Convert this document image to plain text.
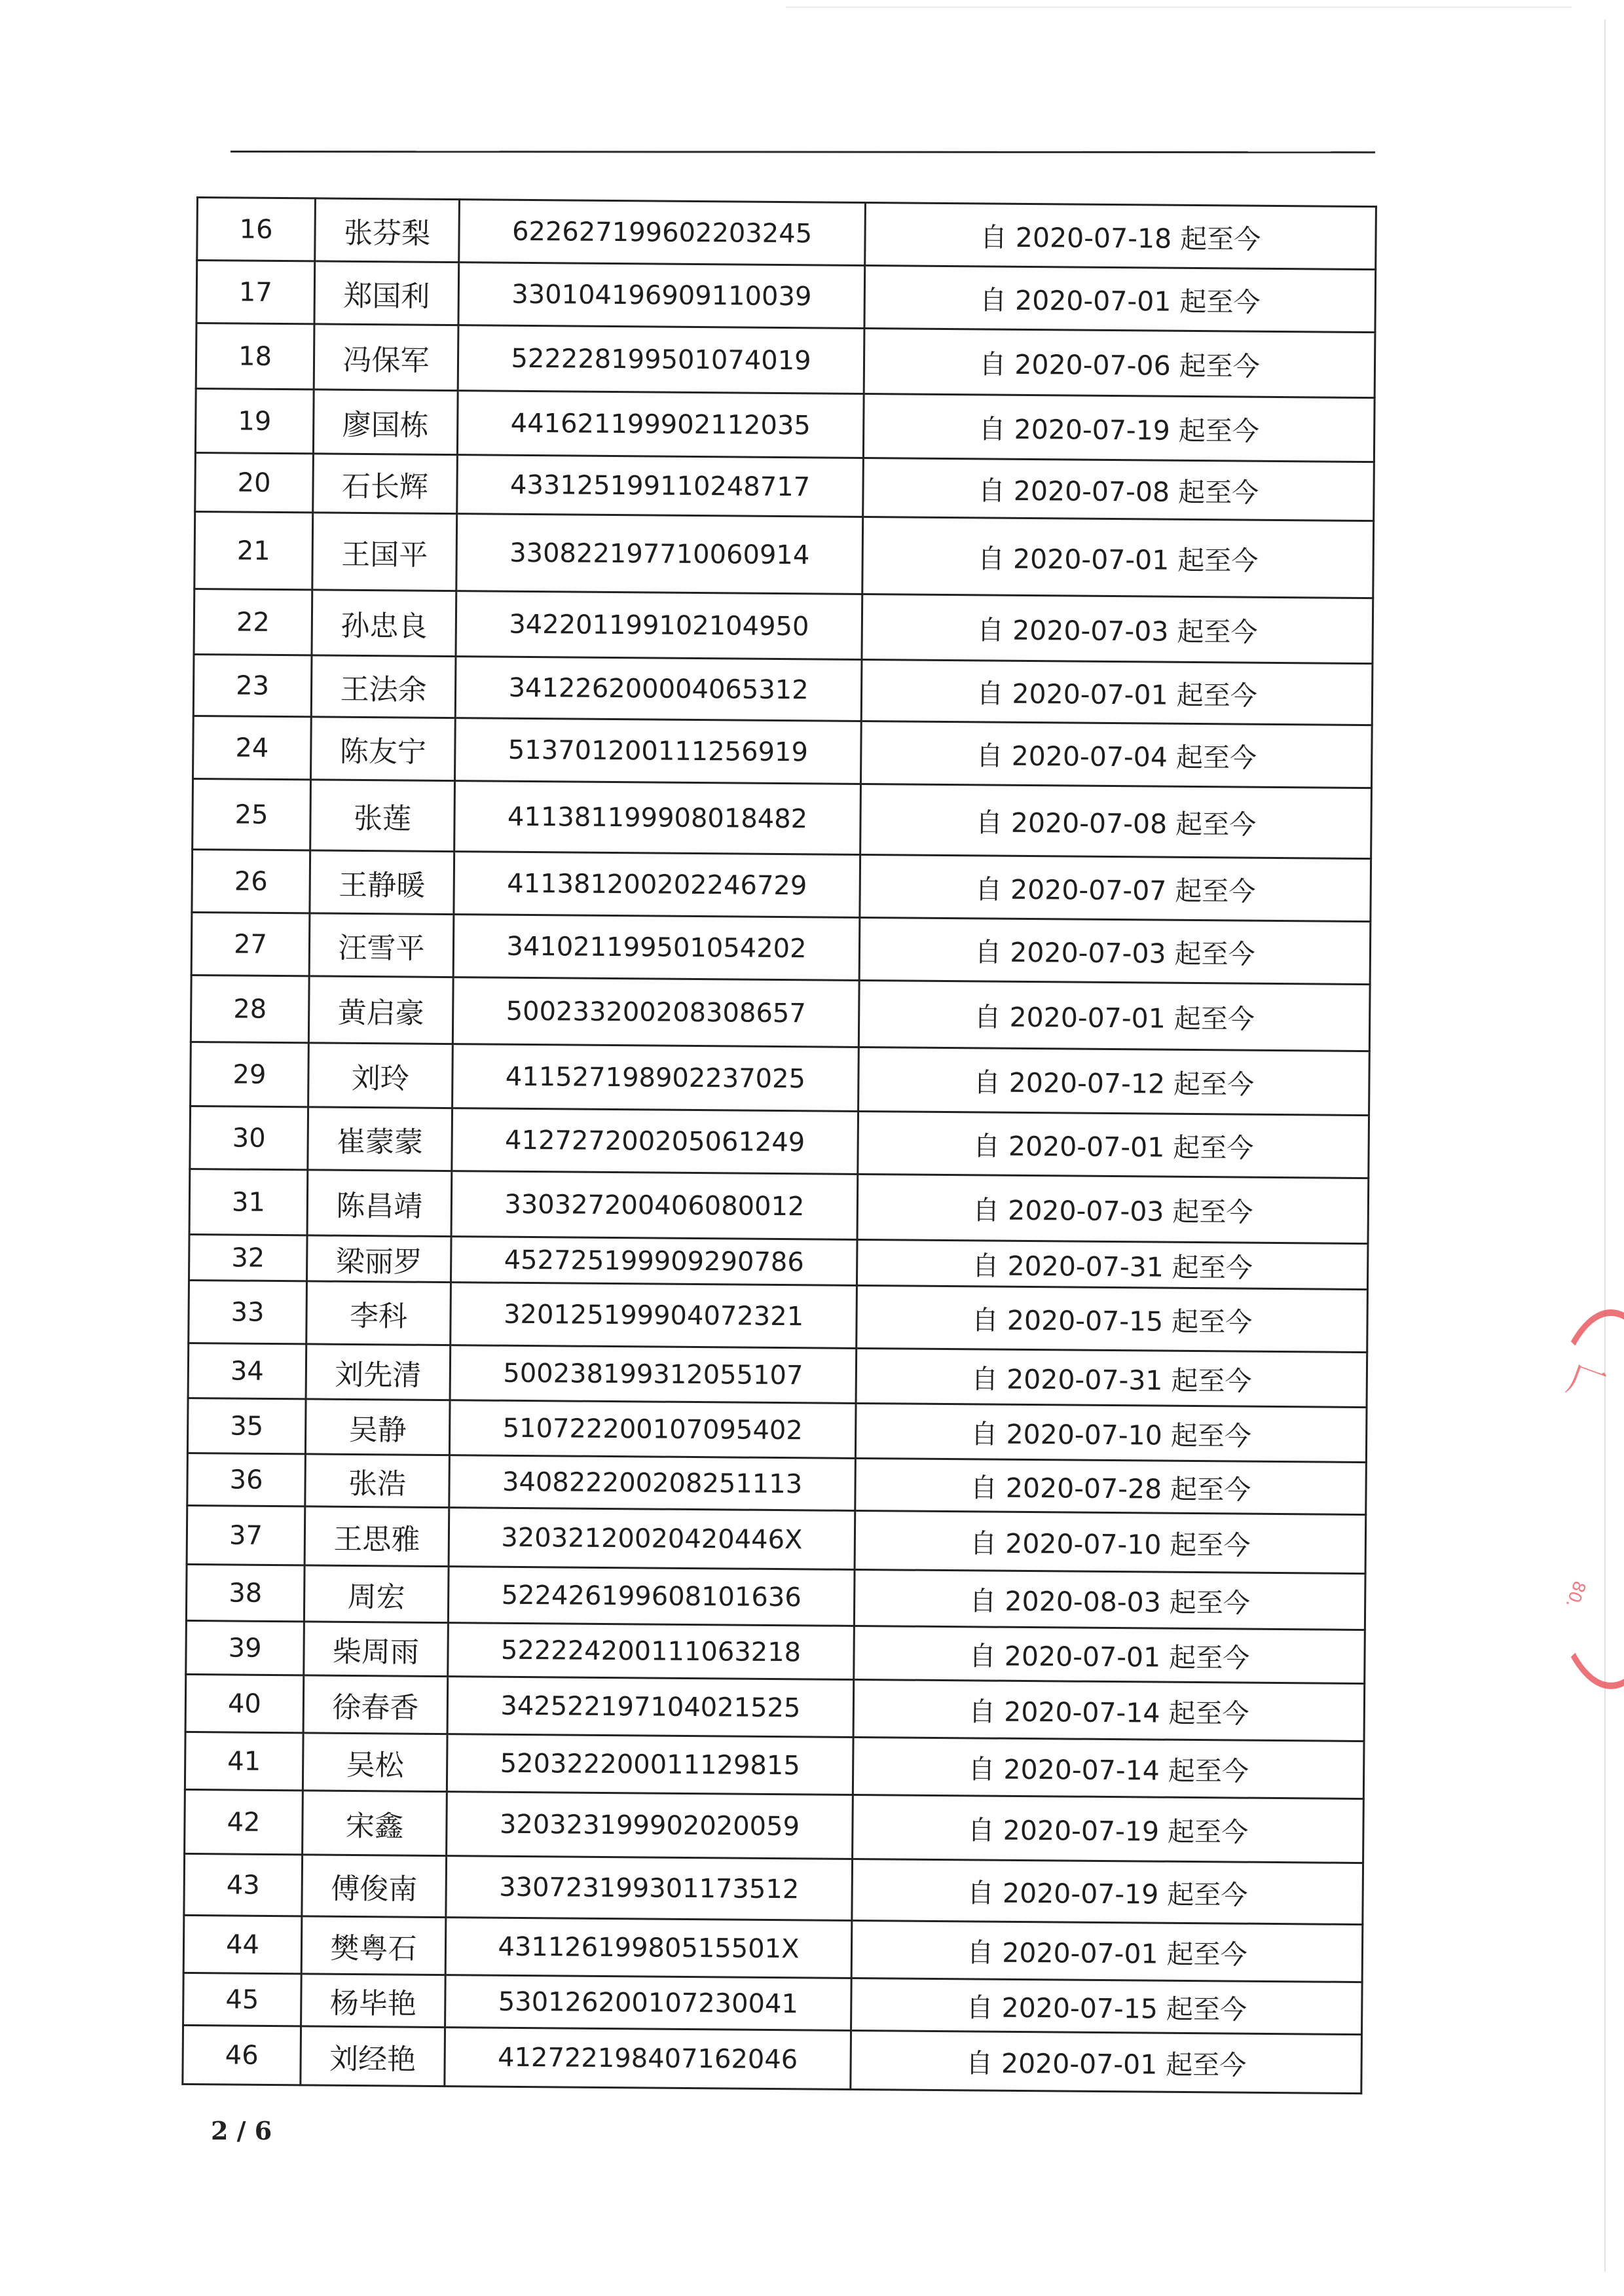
16	张芬梨	622627199602203245	自 2020-07-18 起至今
17	郑国利	330104196909110039	自 2020-07-01 起至今
18	冯保军	522228199501074019	自 2020-07-06 起至今
19	廖国栋	441621199902112035	自 2020-07-19 起至今
20	石长辉	433125199110248717	自 2020-07-08 起至今
21	王国平	330822197710060914	自 2020-07-01 起至今
22	孙忠良	342201199102104950	自 2020-07-03 起至今
23	王法余	341226200004065312	自 2020-07-01 起至今
24	陈友宁	513701200111256919	自 2020-07-04 起至今
25	张莲	411381199908018482	自 2020-07-08 起至今
26	王静暖	411381200202246729	自 2020-07-07 起至今
27	汪雪平	341021199501054202	自 2020-07-03 起至今
28	黄启豪	500233200208308657	自 2020-07-01 起至今
29	刘玲	411527198902237025	自 2020-07-12 起至今
30	崔蒙蒙	412727200205061249	自 2020-07-01 起至今
31	陈昌靖	330327200406080012	自 2020-07-03 起至今
32	梁丽罗	452725199909290786	自 2020-07-31 起至今
33	李科	320125199904072321	自 2020-07-15 起至今
34	刘先清	500238199312055107	自 2020-07-31 起至今
35	吴静	510722200107095402	自 2020-07-10 起至今
36	张浩	340822200208251113	自 2020-07-28 起至今
37	王思雅	32032120020420446X	自 2020-07-10 起至今
38	周宏	522426199608101636	自 2020-08-03 起至今
39	柴周雨	522224200111063218	自 2020-07-01 起至今
40	徐春香	342522197104021525	自 2020-07-14 起至今
41	吴松	520322200011129815	自 2020-07-14 起至今
42	宋鑫	320323199902020059	自 2020-07-19 起至今
43	傅俊南	330723199301173512	自 2020-07-19 起至今
44	樊粤石	43112619980515501X	自 2020-07-01 起至今
45	杨毕艳	530126200107230041	自 2020-07-15 起至今
46	刘经艳	412722198407162046	自 2020-07-01 起至今
2 / 6
厂
80.
